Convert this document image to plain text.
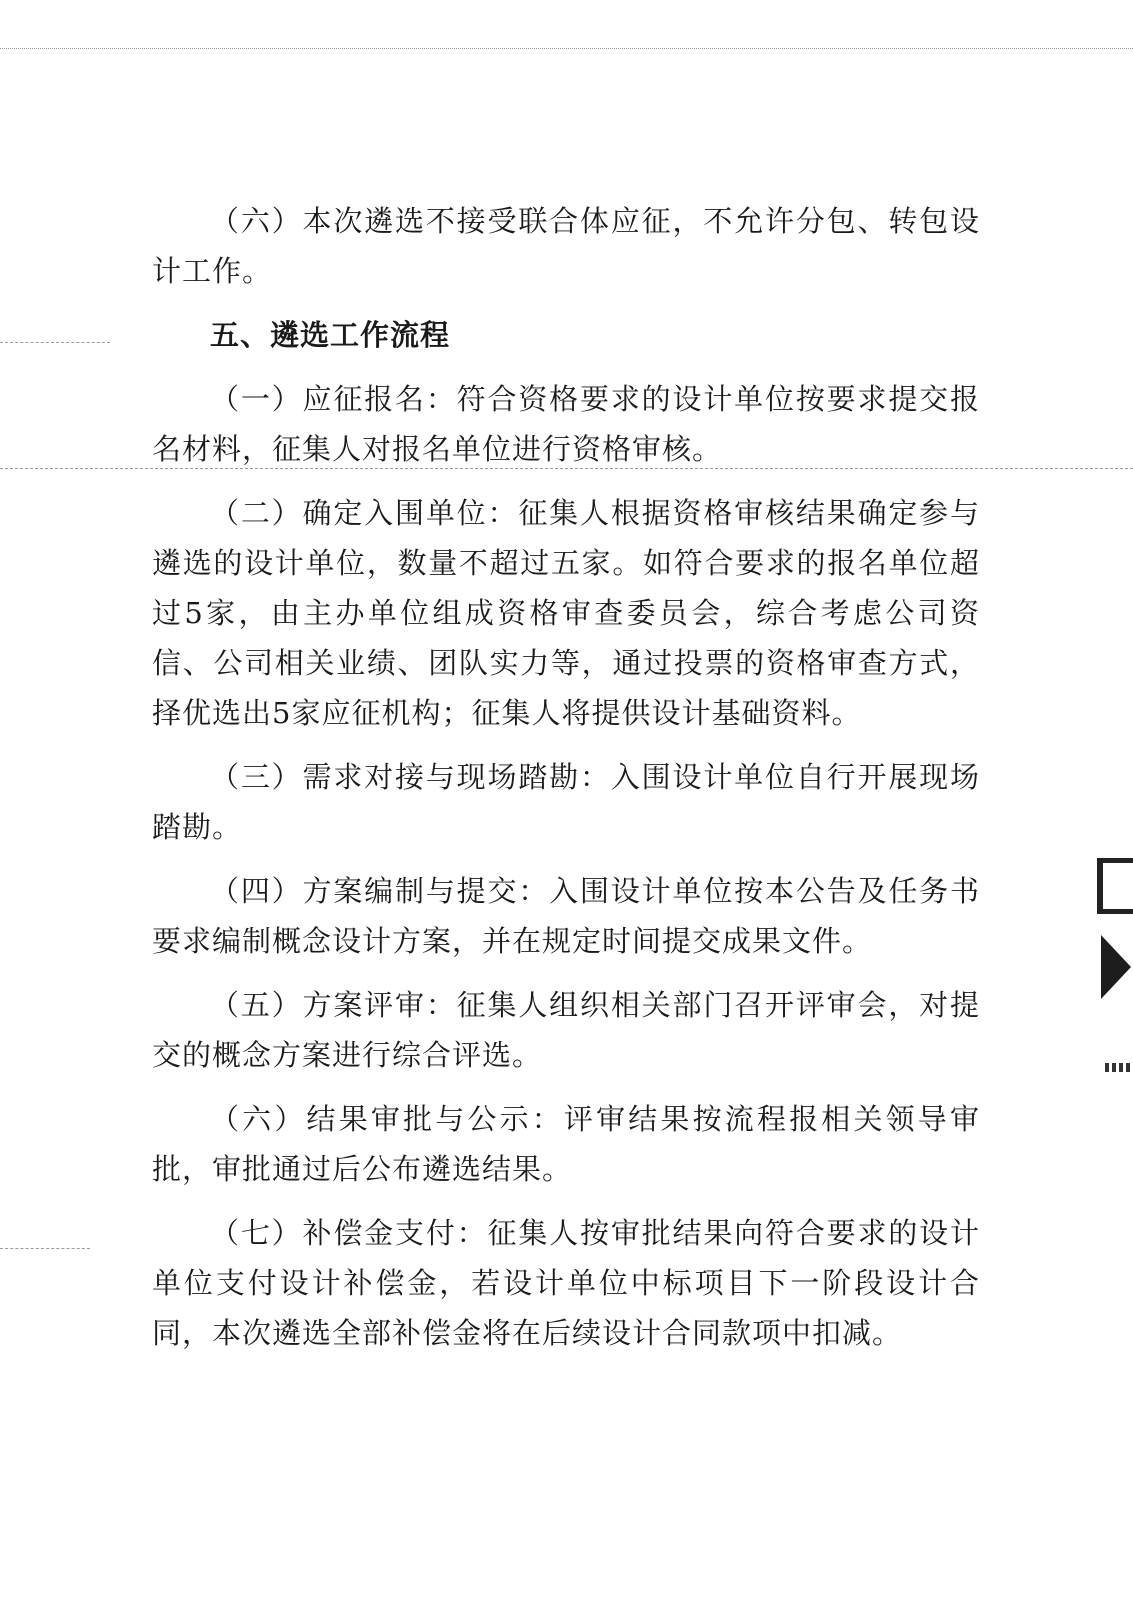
（六）本次遴选不接受联合体应征，不允许分包、转包设计工作。

五、遴选工作流程

（一）应征报名：符合资格要求的设计单位按要求提交报名材料，征集人对报名单位进行资格审核。

（二）确定入围单位：征集人根据资格审核结果确定参与遴选的设计单位，数量不超过五家。如符合要求的报名单位超过5家，由主办单位组成资格审查委员会，综合考虑公司资信、公司相关业绩、团队实力等，通过投票的资格审查方式，择优选出5家应征机构；征集人将提供设计基础资料。

（三）需求对接与现场踏勘：入围设计单位自行开展现场踏勘。

（四）方案编制与提交：入围设计单位按本公告及任务书要求编制概念设计方案，并在规定时间提交成果文件。

（五）方案评审：征集人组织相关部门召开评审会，对提交的概念方案进行综合评选。

（六）结果审批与公示：评审结果按流程报相关领导审批，审批通过后公布遴选结果。

（七）补偿金支付：征集人按审批结果向符合要求的设计单位支付设计补偿金，若设计单位中标项目下一阶段设计合同，本次遴选全部补偿金将在后续设计合同款项中扣减。
